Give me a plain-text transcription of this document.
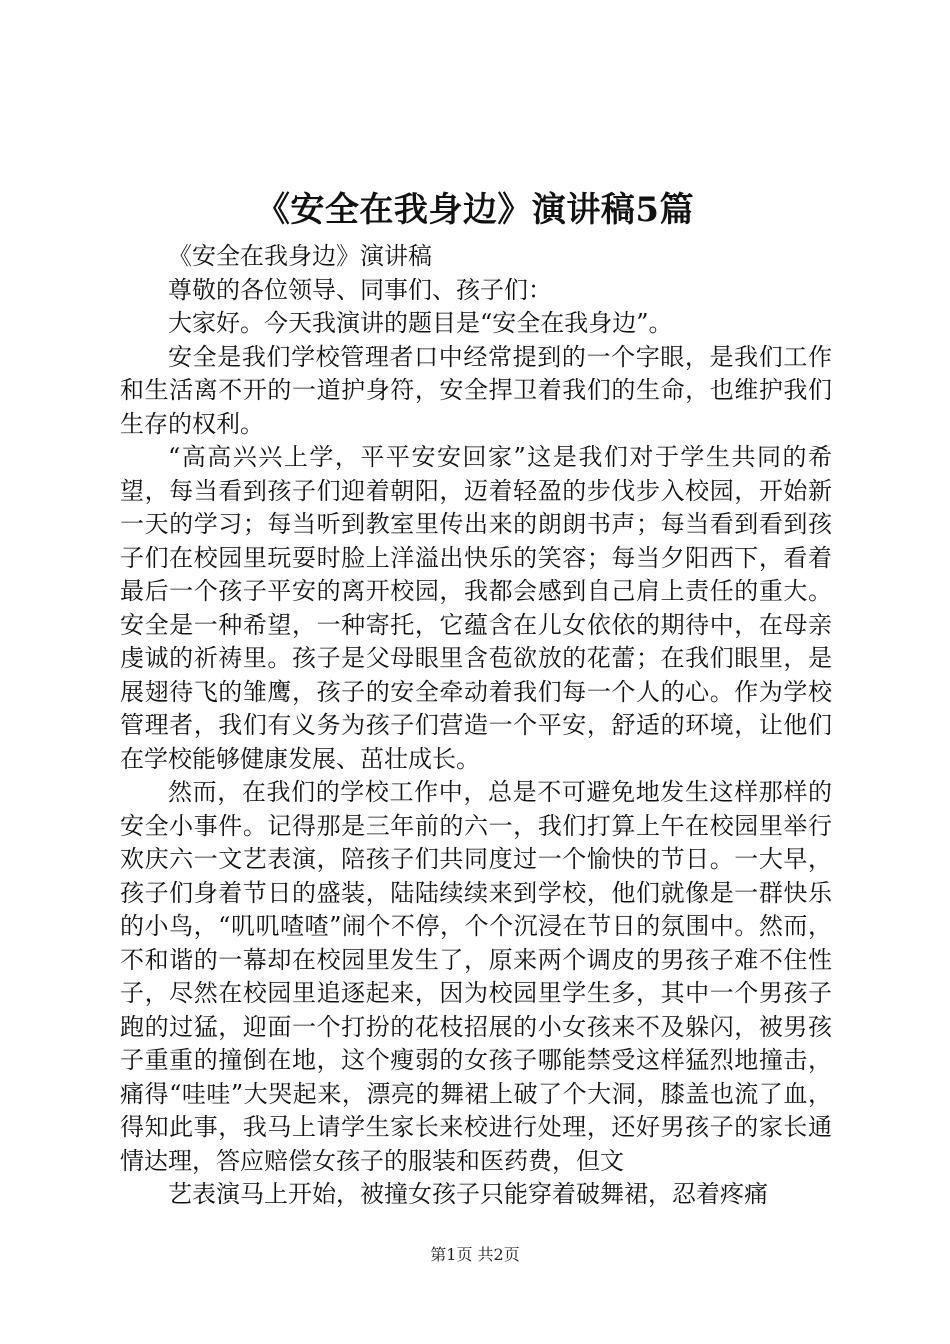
《安全在我身边》演讲稿5篇

《安全在我身边》演讲稿

尊敬的各位领导、同事们、孩子们：

大家好。今天我演讲的题目是“安全在我身边”。

安全是我们学校管理者口中经常提到的一个字眼，是我们工作和生活离不开的一道护身符，安全捍卫着我们的生命，也维护我们生存的权利。

“高高兴兴上学，平平安安回家”这是我们对于学生共同的希望，每当看到孩子们迎着朝阳，迈着轻盈的步伐步入校园，开始新一天的学习；每当听到教室里传出来的朗朗书声；每当看到看到孩子们在校园里玩耍时脸上洋溢出快乐的笑容；每当夕阳西下，看着最后一个孩子平安的离开校园，我都会感到自己肩上责任的重大。安全是一种希望，一种寄托，它蕴含在儿女依依的期待中，在母亲虔诚的祈祷里。孩子是父母眼里含苞欲放的花蕾；在我们眼里，是展翅待飞的雏鹰，孩子的安全牵动着我们每一个人的心。作为学校管理者，我们有义务为孩子们营造一个平安，舒适的环境，让他们在学校能够健康发展、茁壮成长。

然而，在我们的学校工作中，总是不可避免地发生这样那样的安全小事件。记得那是三年前的六一，我们打算上午在校园里举行欢庆六一文艺表演，陪孩子们共同度过一个愉快的节日。一大早，孩子们身着节日的盛装，陆陆续续来到学校，他们就像是一群快乐的小鸟，“叽叽喳喳”闹个不停，个个沉浸在节日的氛围中。然而，不和谐的一幕却在校园里发生了，原来两个调皮的男孩子难不住性子，尽然在校园里追逐起来，因为校园里学生多，其中一个男孩子跑的过猛，迎面一个打扮的花枝招展的小女孩来不及躲闪，被男孩子重重的撞倒在地，这个瘦弱的女孩子哪能禁受这样猛烈地撞击，痛得“哇哇”大哭起来，漂亮的舞裙上破了个大洞，膝盖也流了血，得知此事，我马上请学生家长来校进行处理，还好男孩子的家长通情达理，答应赔偿女孩子的服装和医药费，但文

艺表演马上开始，被撞女孩子只能穿着破舞裙，忍着疼痛

第1页 共2页
